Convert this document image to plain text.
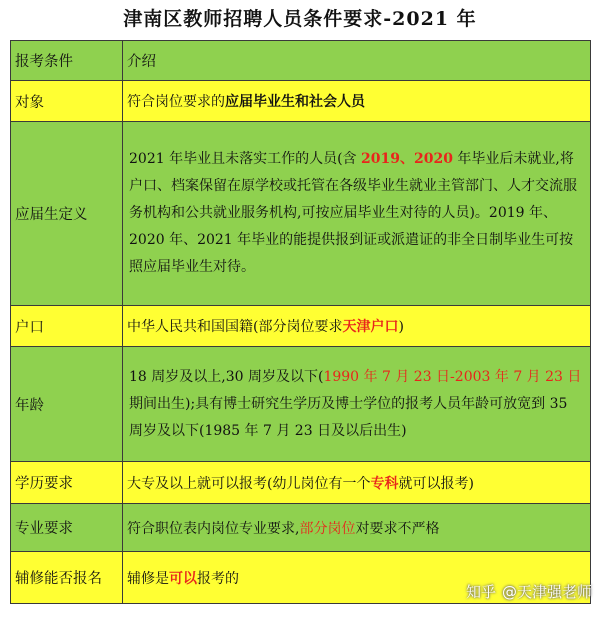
津南区教师招聘人员条件要求-2021 年
报考条件	介绍
对象	符合岗位要求的应届毕业生和社会人员
应届生定义	2021 年毕业且未落实工作的人员(含 2019、2020 年毕业后未就业,将户口、档案保留在原学校或托管在各级毕业生就业主管部门、人才交流服务机构和公共就业服务机构,可按应届毕业生对待的人员)。2019 年、2020 年、2021 年毕业的能提供报到证或派遣证的非全日制毕业生可按照应届毕业生对待。
户口	中华人民共和国国籍(部分岗位要求天津户口)
年龄	18 周岁及以上,30 周岁及以下(1990 年 7 月 23 日-2003 年 7 月 23 日期间出生);具有博士研究生学历及博士学位的报考人员年龄可放宽到 35 周岁及以下(1985 年 7 月 23 日及以后出生)
学历要求	大专及以上就可以报考(幼儿岗位有一个专科就可以报考)
专业要求	符合职位表内岗位专业要求,部分岗位对要求不严格
辅修能否报名	辅修是可以报考的
知乎 @天津强老师
